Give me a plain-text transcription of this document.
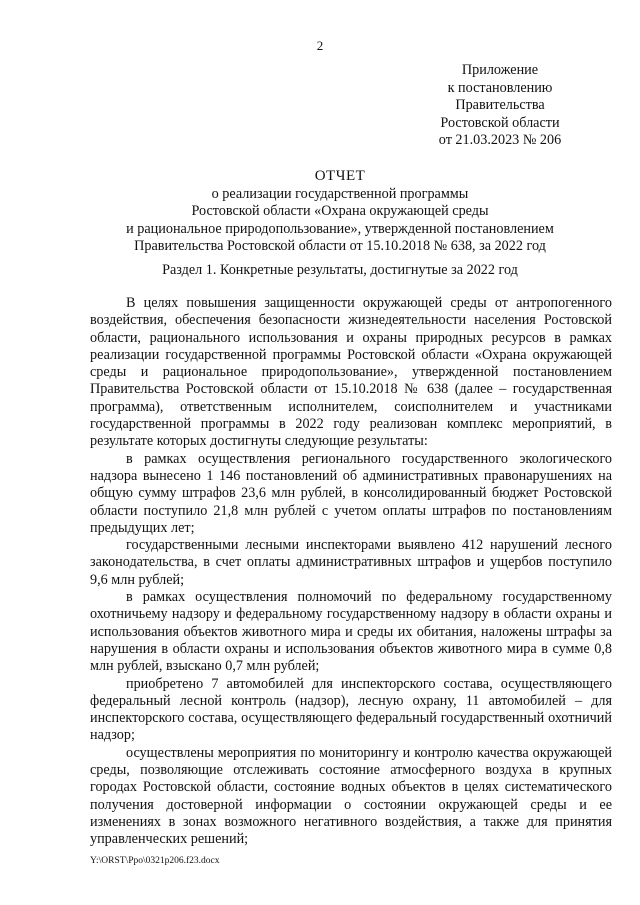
2
Приложение
к постановлению
Правительства
Ростовской области
от 21.03.2023 № 206
ОТЧЕТ
о реализации государственной программы
Ростовской области «Охрана окружающей среды
и рациональное природопользование», утвержденной постановлением
Правительства Ростовской области от 15.10.2018 № 638, за 2022 год
Раздел 1. Конкретные результаты, достигнутые за 2022 год

В целях повышения защищенности окружающей среды от антропогенного воздействия, обеспечения безопасности жизнедеятельности населения Ростовской области, рационального использования и охраны природных ресурсов в рамках реализации государственной программы Ростовской области «Охрана окружающей среды и рациональное природопользование», утвержденной постановлением Правительства Ростовской области от 15.10.2018 № 638 (далее – государственная программа), ответственным исполнителем, соисполнителем и участниками государственной программы в 2022 году реализован комплекс мероприятий, в результате которых достигнуты следующие результаты:

в рамках осуществления регионального государственного экологического надзора вынесено 1 146 постановлений об административных правонарушениях на общую сумму штрафов 23,6 млн рублей, в консолидированный бюджет Ростовской области поступило 21,8 млн рублей с учетом оплаты штрафов по постановлениям предыдущих лет;

государственными лесными инспекторами выявлено 412 нарушений лесного законодательства, в счет оплаты административных штрафов и ущербов поступило 9,6 млн рублей;

в рамках осуществления полномочий по федеральному государственному охотничьему надзору и федеральному государственному надзору в области охраны и использования объектов животного мира и среды их обитания, наложены штрафы за нарушения в области охраны и использования объектов животного мира в сумме 0,8 млн рублей, взыскано 0,7 млн рублей;

приобретено 7 автомобилей для инспекторского состава, осуществляющего федеральный лесной контроль (надзор), лесную охрану, 11 автомобилей – для инспекторского состава, осуществляющего федеральный государственный охотничий надзор;

осуществлены мероприятия по мониторингу и контролю качества окружающей среды, позволяющие отслеживать состояние атмосферного воздуха в крупных городах Ростовской области, состояние водных объектов в целях систематического получения достоверной информации о состоянии окружающей среды и ее изменениях в зонах возможного негативного воздействия, а также для принятия управленческих решений;

Y:\ORST\Ppo\0321p206.f23.docx
